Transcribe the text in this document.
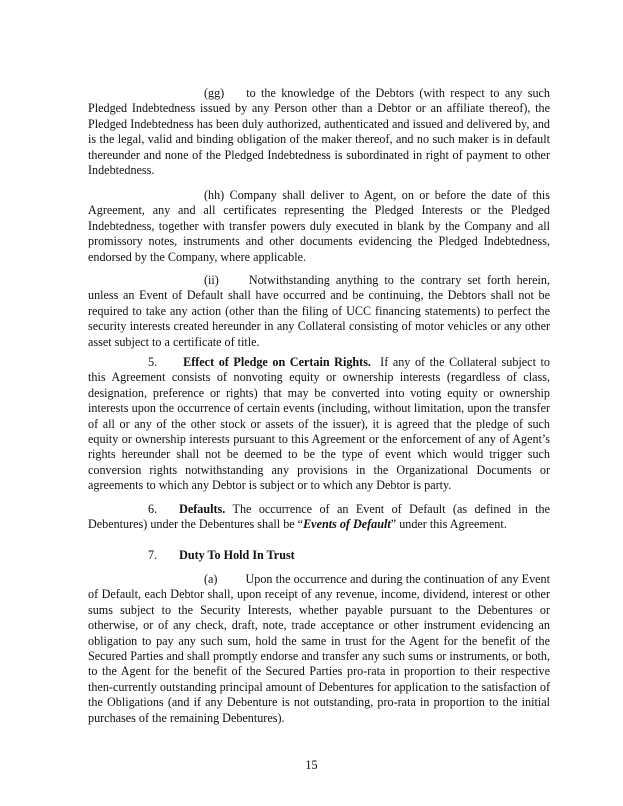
(gg) to the knowledge of the Debtors (with respect to any such Pledged Indebtedness issued by any Person other than a Debtor or an affiliate thereof), the Pledged Indebtedness has been duly authorized, authenticated and issued and delivered by, and is the legal, valid and binding obligation of the maker thereof, and no such maker is in default thereunder and none of the Pledged Indebtedness is subordinated in right of payment to other Indebtedness.

(hh) Company shall deliver to Agent, on or before the date of this Agreement, any and all certificates representing the Pledged Interests or the Pledged Indebtedness, together with transfer powers duly executed in blank by the Company and all promissory notes, instruments and other documents evidencing the Pledged Indebtedness, endorsed by the Company, where applicable.

(ii) Notwithstanding anything to the contrary set forth herein, unless an Event of Default shall have occurred and be continuing, the Debtors shall not be required to take any action (other than the filing of UCC financing statements) to perfect the security interests created hereunder in any Collateral consisting of motor vehicles or any other asset subject to a certificate of title.

5. Effect of Pledge on Certain Rights. If any of the Collateral subject to this Agreement consists of nonvoting equity or ownership interests (regardless of class, designation, preference or rights) that may be converted into voting equity or ownership interests upon the occurrence of certain events (including, without limitation, upon the transfer of all or any of the other stock or assets of the issuer), it is agreed that the pledge of such equity or ownership interests pursuant to this Agreement or the enforcement of any of Agent’s rights hereunder shall not be deemed to be the type of event which would trigger such conversion rights notwithstanding any provisions in the Organizational Documents or agreements to which any Debtor is subject or to which any Debtor is party.

6. Defaults. The occurrence of an Event of Default (as defined in the Debentures) under the Debentures shall be “Events of Default” under this Agreement.

7. Duty To Hold In Trust

(a) Upon the occurrence and during the continuation of any Event of Default, each Debtor shall, upon receipt of any revenue, income, dividend, interest or other sums subject to the Security Interests, whether payable pursuant to the Debentures or otherwise, or of any check, draft, note, trade acceptance or other instrument evidencing an obligation to pay any such sum, hold the same in trust for the Agent for the benefit of the Secured Parties and shall promptly endorse and transfer any such sums or instruments, or both, to the Agent for the benefit of the Secured Parties pro-rata in proportion to their respective then-currently outstanding principal amount of Debentures for application to the satisfaction of the Obligations (and if any Debenture is not outstanding, pro-rata in proportion to the initial purchases of the remaining Debentures).

15
